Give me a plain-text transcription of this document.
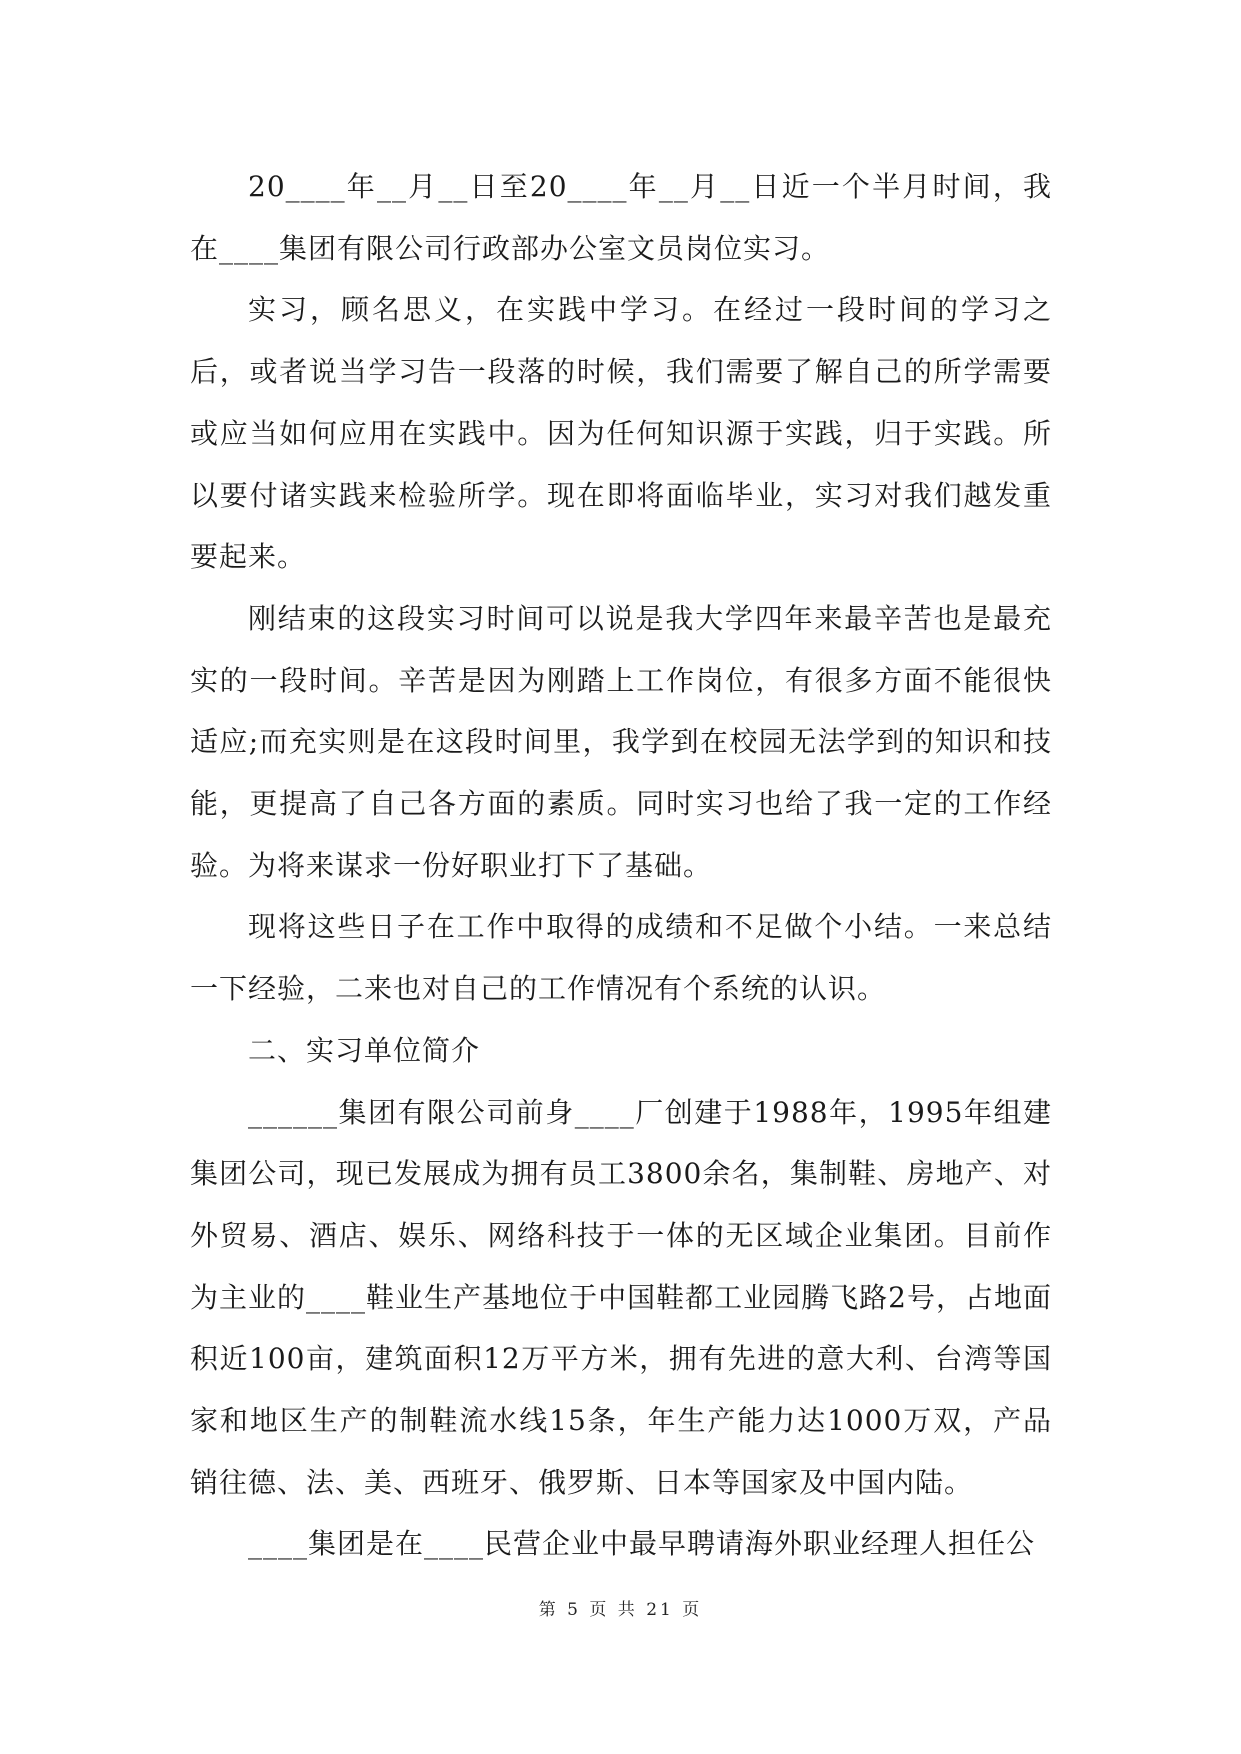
20____年__月__日至20____年__月__日近一个半月时间，我在____集团有限公司行政部办公室文员岗位实习。

实习，顾名思义，在实践中学习。在经过一段时间的学习之后，或者说当学习告一段落的时候，我们需要了解自己的所学需要或应当如何应用在实践中。因为任何知识源于实践，归于实践。所以要付诸实践来检验所学。现在即将面临毕业，实习对我们越发重要起来。

刚结束的这段实习时间可以说是我大学四年来最辛苦也是最充实的一段时间。辛苦是因为刚踏上工作岗位，有很多方面不能很快适应;而充实则是在这段时间里，我学到在校园无法学到的知识和技能，更提高了自己各方面的素质。同时实习也给了我一定的工作经验。为将来谋求一份好职业打下了基础。

现将这些日子在工作中取得的成绩和不足做个小结。一来总结一下经验，二来也对自己的工作情况有个系统的认识。

二、实习单位简介

______集团有限公司前身____厂创建于1988年，1995年组建集团公司，现已发展成为拥有员工3800余名，集制鞋、房地产、对外贸易、酒店、娱乐、网络科技于一体的无区域企业集团。目前作为主业的____鞋业生产基地位于中国鞋都工业园腾飞路2号，占地面积近100亩，建筑面积12万平方米，拥有先进的意大利、台湾等国家和地区生产的制鞋流水线15条，年生产能力达1000万双，产品销往德、法、美、西班牙、俄罗斯、日本等国家及中国内陆。

____集团是在____民营企业中最早聘请海外职业经理人担任公

第 5 页 共 21 页
